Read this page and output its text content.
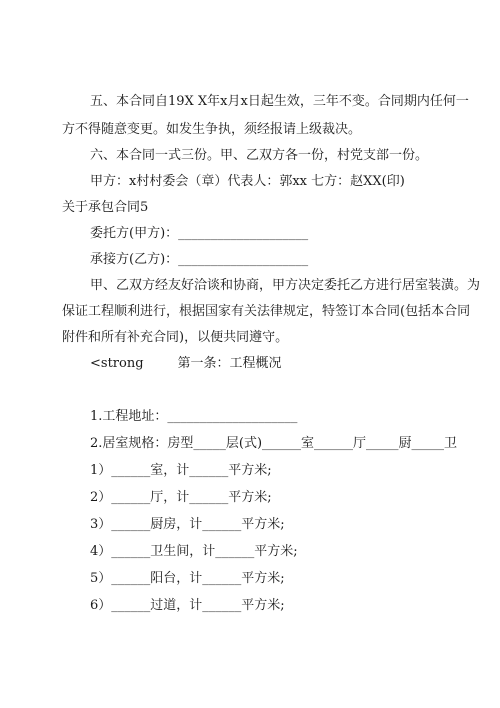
五、本合同自19X X年x月x日起生效，三年不变。合同期内任何一
方不得随意变更。如发生争执，须经报请上级裁决。
六、本合同一式三份。甲、乙双方各一份，村党支部一份。
甲方：x村村委会（章）代表人：郭xx 七方：赵XX(印)
关于承包合同5
委托方(甲方)：____________________
承接方(乙方)：____________________
甲、乙双方经友好洽谈和协商，甲方决定委托乙方进行居室装潢。为
保证工程顺利进行，根据国家有关法律规定，特签订本合同(包括本合同
附件和所有补充合同)，以便共同遵守。
<strong	第一条：工程概况
1.工程地址：____________________
2.居室规格：房型_____层(式)______室______厅_____厨_____卫
1）______室，计______平方米;
2）______厅，计______平方米;
3）______厨房，计______平方米;
4）______卫生间，计______平方米;
5）______阳台，计______平方米;
6）______过道，计______平方米;
